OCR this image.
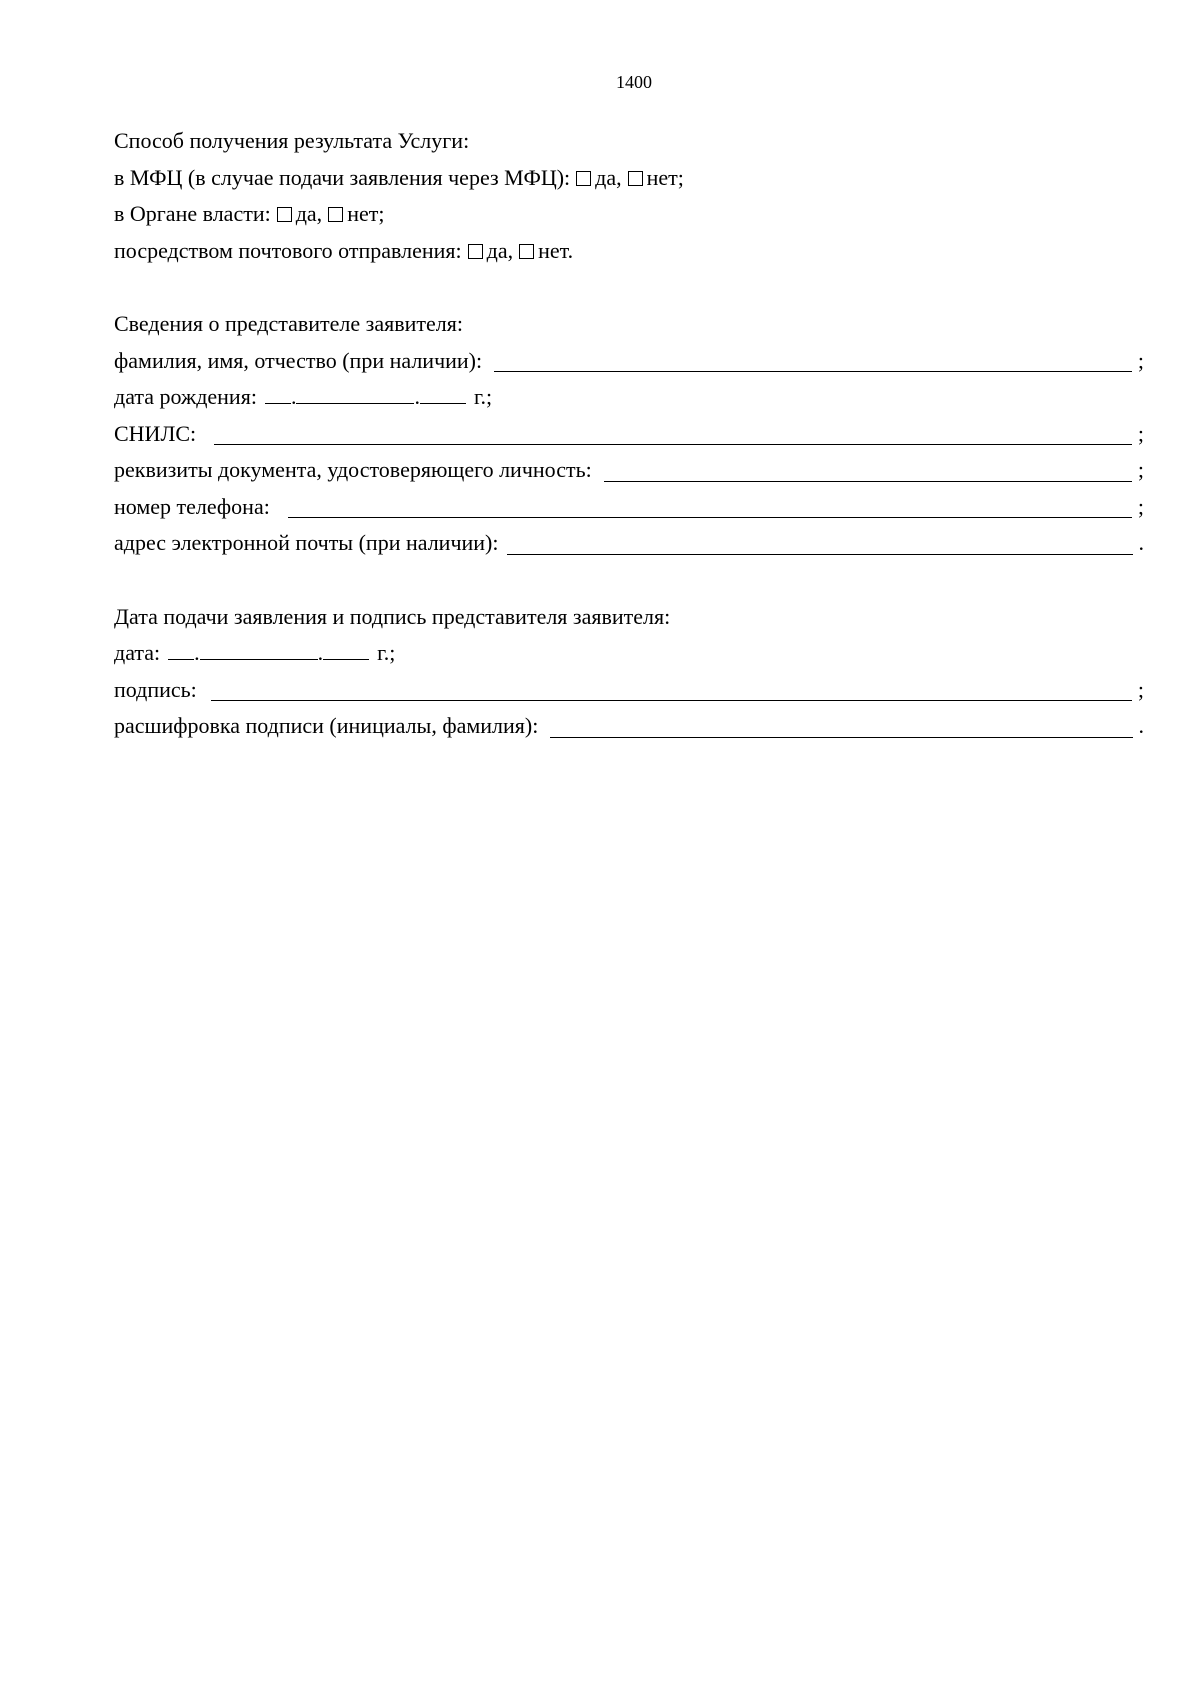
1400
Способ получения результата Услуги:
в МФЦ (в случае подачи заявления через МФЦ): да, нет;
в Органе власти: да, нет;
посредством почтового отправления: да, нет.
Сведения о представителе заявителя:
фамилия, имя, отчество (при наличии):	;
дата рождения: .	. г.;
СНИЛС:	;
реквизиты документа, удостоверяющего личность:	;
номер телефона:	;
адрес электронной почты (при наличии):	.
Дата подачи заявления и подпись представителя заявителя:
дата: .	. г.;
подпись:	;
расшифровка подписи (инициалы, фамилия):	.
